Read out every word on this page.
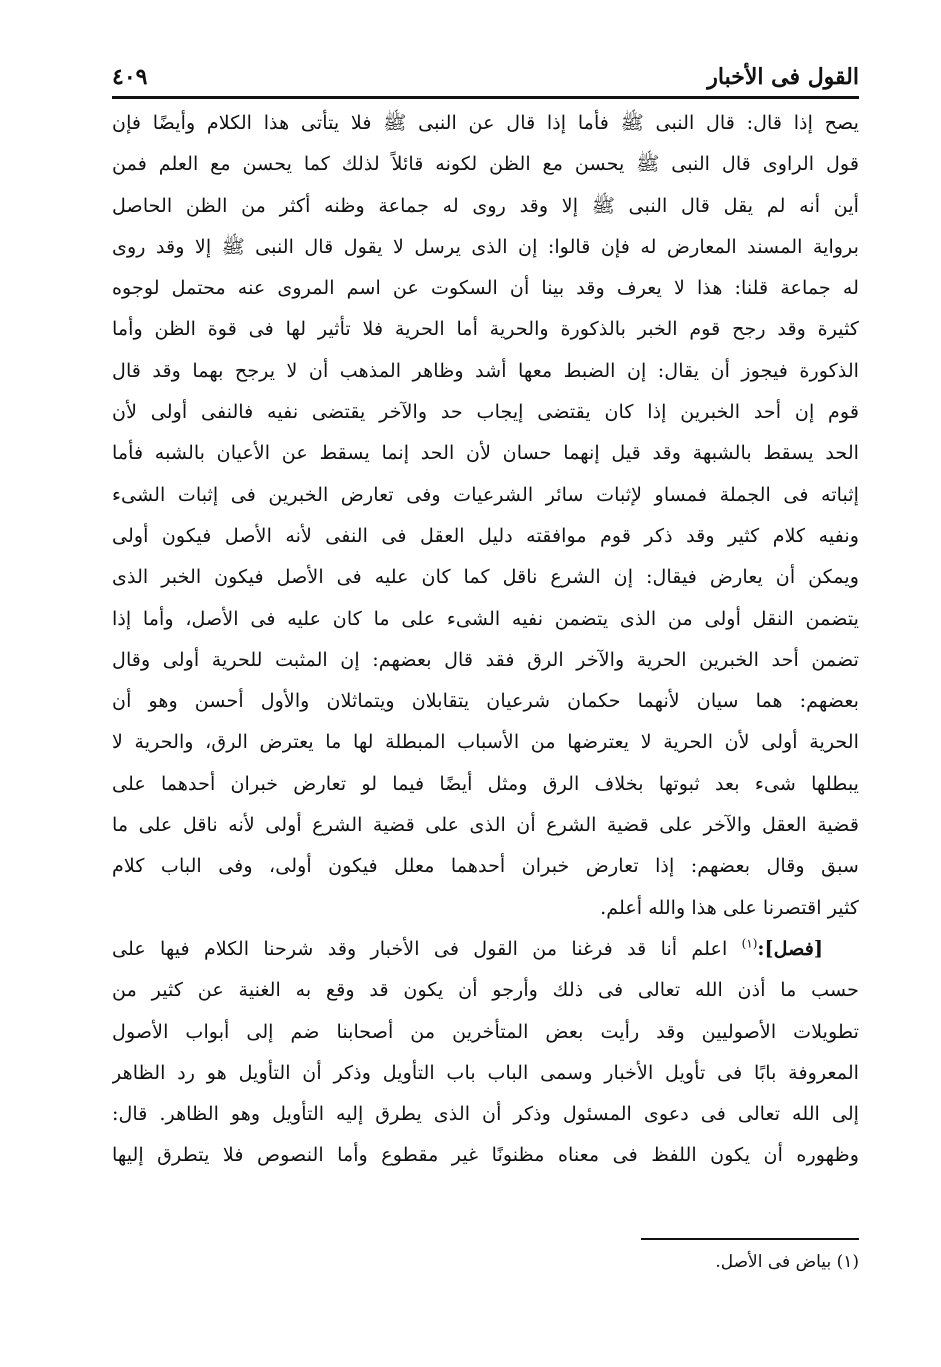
٤٠٩	القول فى الأخبار
يصح إذا قال: قال النبى ﷺ فأما إذا قال عن النبى ﷺ فلا يتأتى هذا الكلام وأيضًا فإن
قول الراوى قال النبى ﷺ يحسن مع الظن لكونه قائلاً لذلك كما يحسن مع العلم فمن
أين أنه لم يقل قال النبى ﷺ إلا وقد روى له جماعة وظنه أكثر من الظن الحاصل
برواية المسند المعارض له فإن قالوا: إن الذى يرسل لا يقول قال النبى ﷺ إلا وقد روى
له جماعة قلنا: هذا لا يعرف وقد بينا أن السكوت عن اسم المروى عنه محتمل لوجوه
كثيرة وقد رجح قوم الخبر بالذكورة والحرية أما الحرية فلا تأثير لها فى قوة الظن وأما
الذكورة فيجوز أن يقال: إن الضبط معها أشد وظاهر المذهب أن لا يرجح بهما وقد قال
قوم إن أحد الخبرين إذا كان يقتضى إيجاب حد والآخر يقتضى نفيه فالنفى أولى لأن
الحد يسقط بالشبهة وقد قيل إنهما حسان لأن الحد إنما يسقط عن الأعيان بالشبه فأما
إثباته فى الجملة فمساو لإثبات سائر الشرعيات وفى تعارض الخبرين فى إثبات الشىء
ونفيه كلام كثير وقد ذكر قوم موافقته دليل العقل فى النفى لأنه الأصل فيكون أولى
ويمكن أن يعارض فيقال: إن الشرع ناقل كما كان عليه فى الأصل فيكون الخبر الذى
يتضمن النقل أولى من الذى يتضمن نفيه الشىء على ما كان عليه فى الأصل، وأما إذا
تضمن أحد الخبرين الحرية والآخر الرق فقد قال بعضهم: إن المثبت للحرية أولى وقال
بعضهم: هما سيان لأنهما حكمان شرعيان يتقابلان ويتماثلان والأول أحسن وهو أن
الحرية أولى لأن الحرية لا يعترضها من الأسباب المبطلة لها ما يعترض الرق، والحرية لا
يبطلها شىء بعد ثبوتها بخلاف الرق ومثل أيضًا فيما لو تعارض خبران أحدهما على
قضية العقل والآخر على قضية الشرع أن الذى على قضية الشرع أولى لأنه ناقل على ما
سبق وقال بعضهم: إذا تعارض خبران أحدهما معلل فيكون أولى، وفى الباب كلام
كثير اقتصرنا على هذا والله أعلم.
[فصل]:$^{(١)}$ اعلم أنا قد فرغنا من القول فى الأخبار وقد شرحنا الكلام فيها على
حسب ما أذن الله تعالى فى ذلك وأرجو أن يكون قد وقع به الغنية عن كثير من
تطويلات الأصوليين وقد رأيت بعض المتأخرين من أصحابنا ضم إلى أبواب الأصول
المعروفة بابًا فى تأويل الأخبار وسمى الباب باب التأويل وذكر أن التأويل هو رد الظاهر
إلى الله تعالى فى دعوى المسئول وذكر أن الذى يطرق إليه التأويل وهو الظاهر. قال:
وظهوره أن يكون اللفظ فى معناه مظنونًا غير مقطوع وأما النصوص فلا يتطرق إليها
(١) بياض فى الأصل.
